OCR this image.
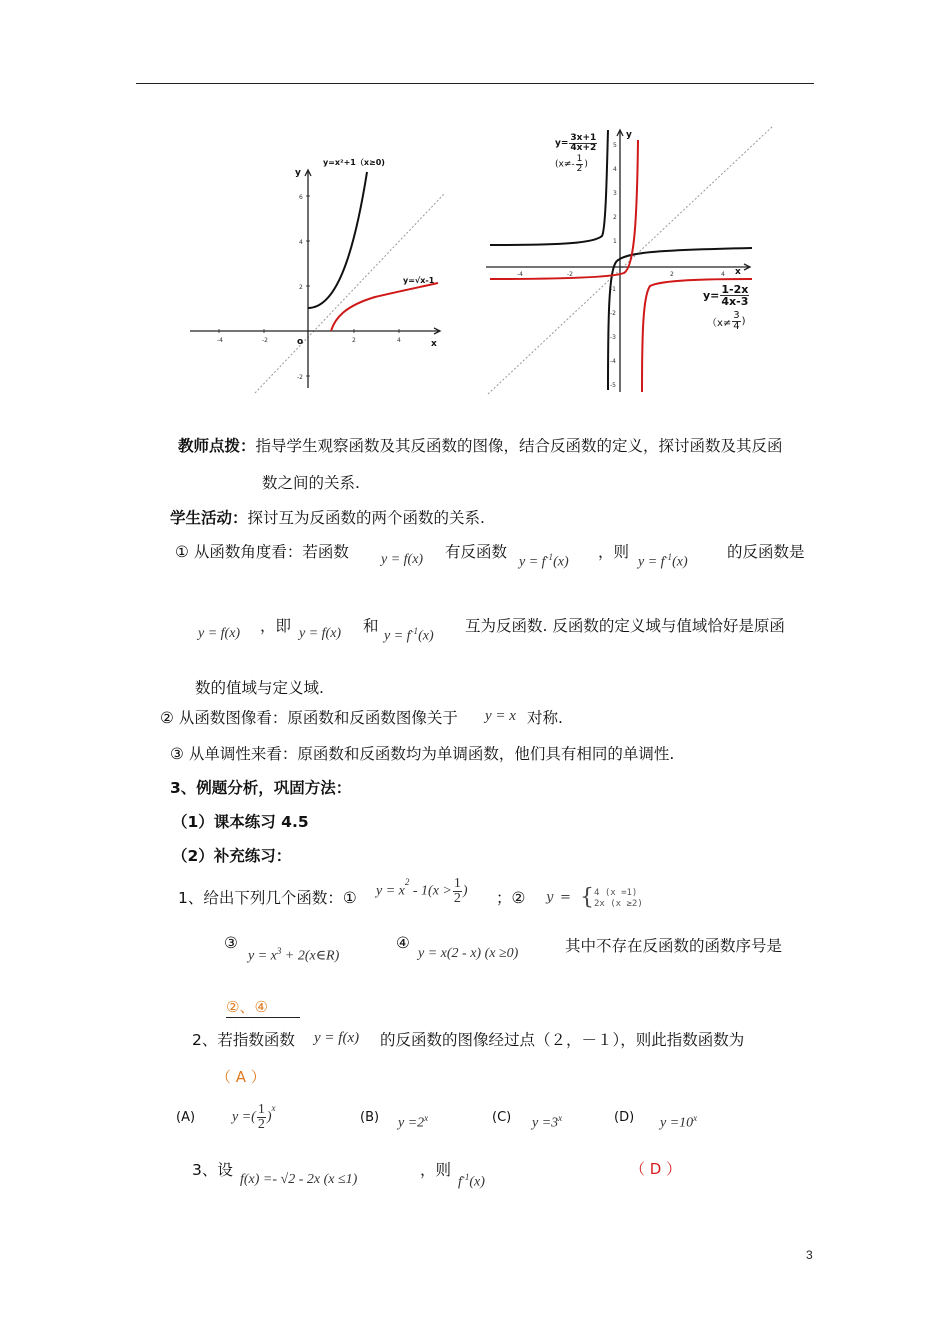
-4	-2	2	4
6
4
2
-2
x
y
o
y=x²+1（x≥0)
y=√x-1
-4	-2	2	4
5
4
3
2
1
-1
-2
-3
-4
-5
x
y
$y= \frac{3x+1}{4x+2}$
($x\ne- \frac{1}{2}$ )
$y= \frac{1-2x}{4x-3}$
（$x\ne \frac{3}{4}$ )
教师点拨：指导学生观察函数及其反函数的图像，结合反函数的定义，探讨函数及其反函
数之间的关系.
学生活动：探讨互为反函数的两个函数的关系.
① 从函数角度看：若函数 y = f(x) 有反函数
$y = f^{-1}(x)$
，则
$y = f^{-1}(x)$
的反函数是
y = f(x) ，即 y = f(x) 和
$y = f^{-1}(x)$
互为反函数. 反函数的定义域与值域恰好是原函
数的值域与定义域.
② 从函数图像看：原函数和反函数图像关于 y = x 对称.
③ 从单调性来看：原函数和反函数均为单调函数，他们具有相同的单调性.
3、例题分析，巩固方法：
（1）课本练习 4.5
（2）补充练习：
1、给出下列几个函数：① $y = x^2 - 1(x > \frac{1}{2}$ ) ；② y = { 4 (x =1)
2x (x ≥2)
③
$y = x^3$ + 2(x∈R)
④
y = x(2 - x) (x ≥0)	其中不存在反函数的函数序号是
②、④
2、若指数函数 y = f(x) 的反函数的图像经过点（２，－１），则此指数函数为
（ A ）
(A)	y =( $\frac{1}{2} )^x$
(B) $y =2^x$	(C) $y =3^x$	(D) $y =10^x$
3、设
f(x) =- √2 - 2x (x ≤1)
，则
$f^{-1}(x)$
（ D ）
3
